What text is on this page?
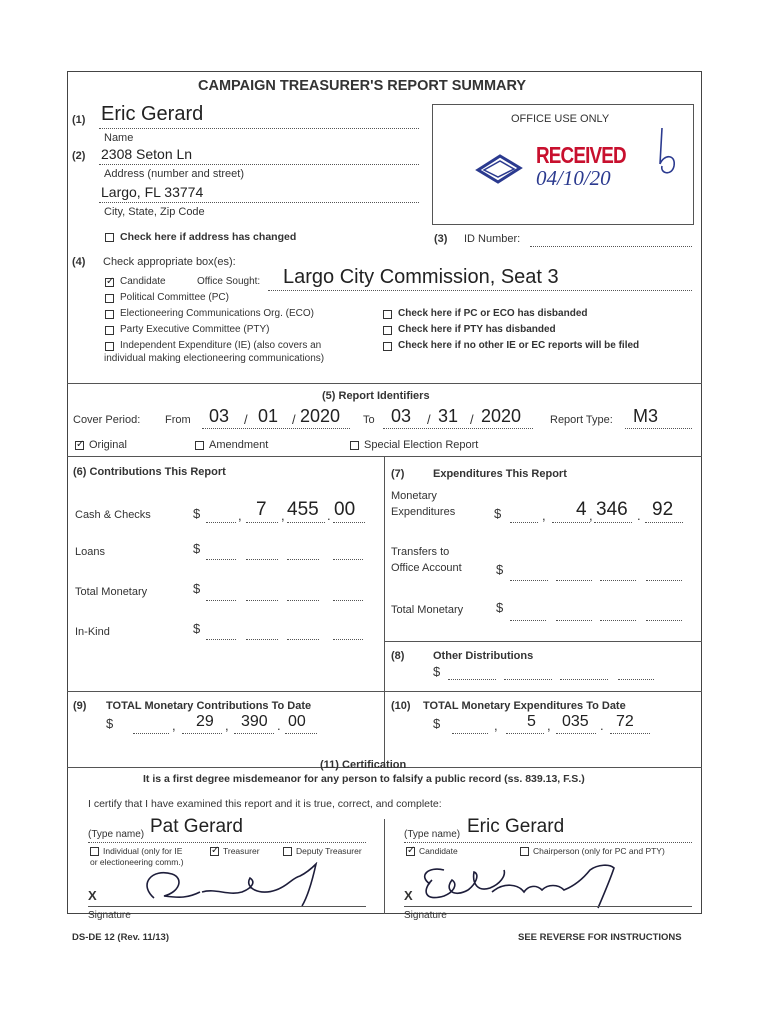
CAMPAIGN TREASURER'S REPORT SUMMARY
(1) Eric Gerard
Name
(2) 2308 Seton Ln
Address (number and street)
Largo, FL 33774
City, State, Zip Code
Check here if address has changed
OFFICE USE ONLY
RECEIVED
04/10/20
(3) ID Number:
(4) Check appropriate box(es):
✓
Candidate	Office Sought: Largo City Commission, Seat 3
Political Committee (PC)
Electioneering Communications Org. (ECO)
Party Executive Committee (PTY)
Independent Expenditure (IE) (also covers an
individual making electioneering communications)
Check here if PC or ECO has disbanded
Check here if PTY has disbanded
Check here if no other IE or EC reports will be filed
(5) Report Identifiers
Cover Period: From 03 / 01 / 2020 To 03 / 31 / 2020	Report Type: M3
✓
Original	Amendment	Special Election Report
(6) Contributions This Report
Cash & Checks	$	, 7 , 455 . 00
Loans	$
Total Monetary	$
In-Kind	$
(7)	Expenditures This Report
Monetary
Expenditures	$	, 4 , 346 . 92
Transfers to
Office Account	$
Total Monetary	$
(8)	Other Distributions
$
(9) TOTAL Monetary Contributions To Date
$	, 29 , 390 . 00
(10) TOTAL Monetary Expenditures To Date
$	, 5 , 035 . 72
(11) Certification
It is a first degree misdemeanor for any person to falsify a public record (ss. 839.13, F.S.)
I certify that I have examined this report and it is true, correct, and complete:
(Type name) Pat Gerard
Individual (only for IE
or electioneering comm.)
✓
Treasurer	Deputy Treasurer
X
Signature
(Type name) Eric Gerard
✓
Candidate	Chairperson (only for PC and PTY)
X
Signature
DS-DE 12 (Rev. 11/13)	SEE REVERSE FOR INSTRUCTIONS
